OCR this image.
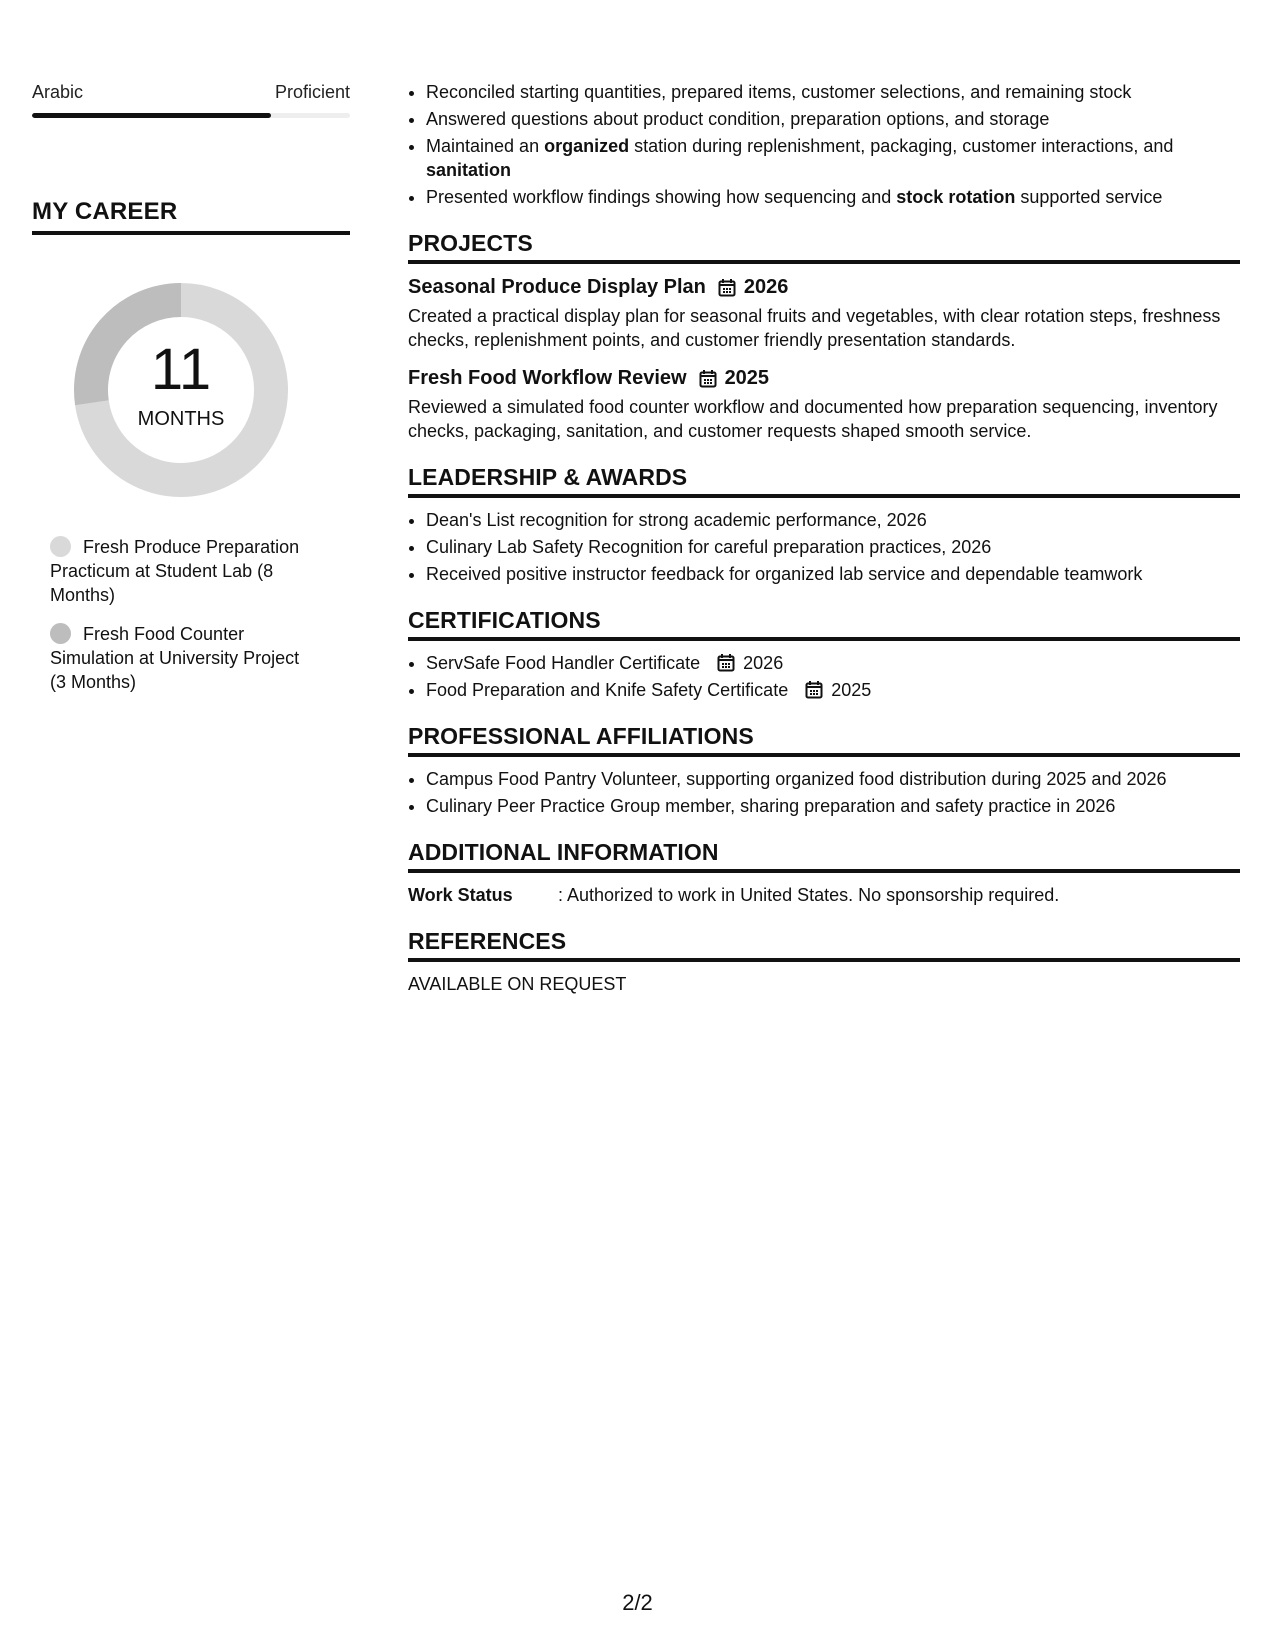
Arabic	Proficient
MY CAREER
11
MONTHS
Fresh Produce Preparation Practicum at Student Lab (8 Months)
Fresh Food Counter Simulation at University Project (3 Months)
• Reconciled starting quantities, prepared items, customer selections, and remaining stock
• Answered questions about product condition, preparation options, and storage
• Maintained an organized station during replenishment, packaging, customer interactions, and sanitation
• Presented workflow findings showing how sequencing and stock rotation supported service
PROJECTS
Seasonal Produce Display Plan 2026
Created a practical display plan for seasonal fruits and vegetables, with clear rotation steps, freshness checks, replenishment points, and customer friendly presentation standards.
Fresh Food Workflow Review 2025
Reviewed a simulated food counter workflow and documented how preparation sequencing, inventory checks, packaging, sanitation, and customer requests shaped smooth service.
LEADERSHIP & AWARDS
• Dean's List recognition for strong academic performance, 2026
• Culinary Lab Safety Recognition for careful preparation practices, 2026
• Received positive instructor feedback for organized lab service and dependable teamwork
CERTIFICATIONS
• ServSafe Food Handler Certificate 2026
• Food Preparation and Knife Safety Certificate 2025
PROFESSIONAL AFFILIATIONS
• Campus Food Pantry Volunteer, supporting organized food distribution during 2025 and 2026
• Culinary Peer Practice Group member, sharing preparation and safety practice in 2026
ADDITIONAL INFORMATION
Work Status	: Authorized to work in United States. No sponsorship required.
REFERENCES
AVAILABLE ON REQUEST
2/2
